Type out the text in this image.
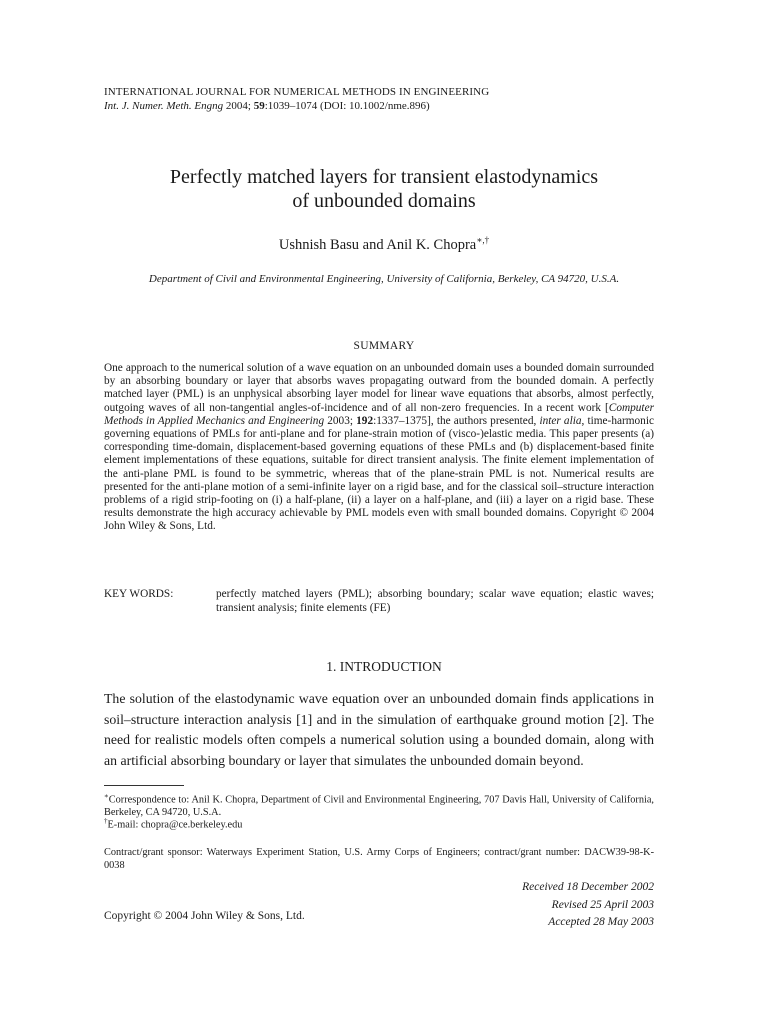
INTERNATIONAL JOURNAL FOR NUMERICAL METHODS IN ENGINEERING
Int. J. Numer. Meth. Engng 2004; 59:1039–1074 (DOI: 10.1002/nme.896)
Perfectly matched layers for transient elastodynamics
of unbounded domains
Ushnish Basu and Anil K. Chopra∗,†
Department of Civil and Environmental Engineering, University of California, Berkeley, CA 94720, U.S.A.
SUMMARY
One approach to the numerical solution of a wave equation on an unbounded domain uses a bounded domain surrounded by an absorbing boundary or layer that absorbs waves propagating outward from the bounded domain. A perfectly matched layer (PML) is an unphysical absorbing layer model for linear wave equations that absorbs, almost perfectly, outgoing waves of all non-tangential angles-of-incidence and of all non-zero frequencies. In a recent work [Computer Methods in Applied Mechanics and Engineering 2003; 192:1337–1375], the authors presented, inter alia, time-harmonic governing equations of PMLs for anti-plane and for plane-strain motion of (visco-)elastic media. This paper presents (a) corresponding time-domain, displacement-based governing equations of these PMLs and (b) displacement-based finite element implementations of these equations, suitable for direct transient analysis. The finite element implementation of the anti-plane PML is found to be symmetric, whereas that of the plane-strain PML is not. Numerical results are presented for the anti-plane motion of a semi-infinite layer on a rigid base, and for the classical soil–structure interaction problems of a rigid strip-footing on (i) a half-plane, (ii) a layer on a half-plane, and (iii) a layer on a rigid base. These results demonstrate the high accuracy achievable by PML models even with small bounded domains. Copyright © 2004 John Wiley & Sons, Ltd.
KEY WORDS:	perfectly matched layers (PML); absorbing boundary; scalar wave equation; elastic waves; transient analysis; finite elements (FE)
1. INTRODUCTION
The solution of the elastodynamic wave equation over an unbounded domain finds applications in soil–structure interaction analysis [1] and in the simulation of earthquake ground motion [2]. The need for realistic models often compels a numerical solution using a bounded domain, along with an artificial absorbing boundary or layer that simulates the unbounded domain beyond.
∗Correspondence to: Anil K. Chopra, Department of Civil and Environmental Engineering, 707 Davis Hall, University of California, Berkeley, CA 94720, U.S.A.
†E-mail: chopra@ce.berkeley.edu
Contract/grant sponsor: Waterways Experiment Station, U.S. Army Corps of Engineers; contract/grant number: DACW39-98-K-0038
Received 18 December 2002
Revised 25 April 2003
Accepted 28 May 2003
Copyright © 2004 John Wiley & Sons, Ltd.
